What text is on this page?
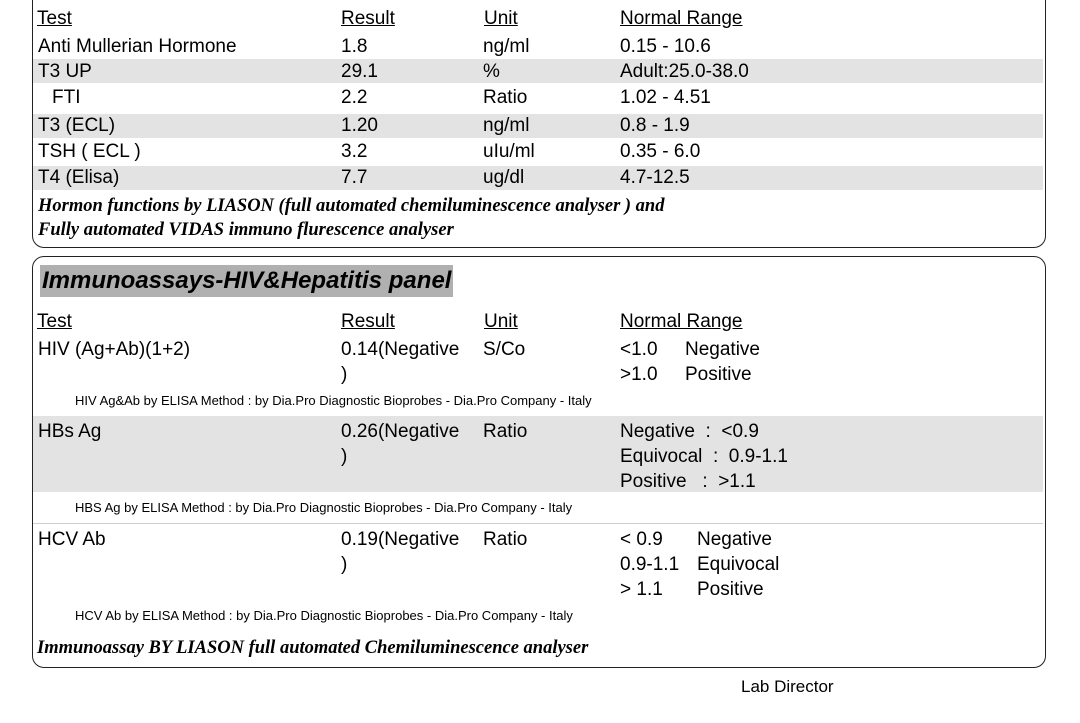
Test	Result	Unit	Normal Range
Anti Mullerian Hormone	1.8	ng/ml	0.15 - 10.6
T3 UP	29.1	%	Adult:25.0-38.0
FTI	2.2	Ratio	1.02 - 4.51
T3 (ECL)	1.20	ng/ml	0.8 - 1.9
TSH ( ECL )	3.2	uIu/ml	0.35 - 6.0
T4 (Elisa)	7.7	ug/dl	4.7-12.5
Hormon functions by LIASON (full automated chemiluminescence analyser ) and
Fully automated VIDAS immuno flurescence analyser
Immunoassays-HIV&Hepatitis panel
Test	Result	Unit	Normal Range
HIV (Ag+Ab)(1+2)	0.14(Negative
)
S/Co	<1.0 Negative
>1.0 Positive
HIV Ag&Ab by ELISA Method : by Dia.Pro Diagnostic Bioprobes - Dia.Pro Company - Italy
HBs Ag	0.26(Negative
)
Ratio	Negative  :  <0.9
Equivocal  :  0.9-1.1
Positive   :  >1.1
HBS Ag by ELISA Method : by Dia.Pro Diagnostic Bioprobes - Dia.Pro Company - Italy
HCV Ab	0.19(Negative
)
Ratio	< 0.9 Negative
0.9-1.1 Equivocal
> 1.1 Positive
HCV Ab by ELISA Method : by Dia.Pro Diagnostic Bioprobes - Dia.Pro Company - Italy
Immunoassay BY LIASON full automated Chemiluminescence analyser
Lab Director
